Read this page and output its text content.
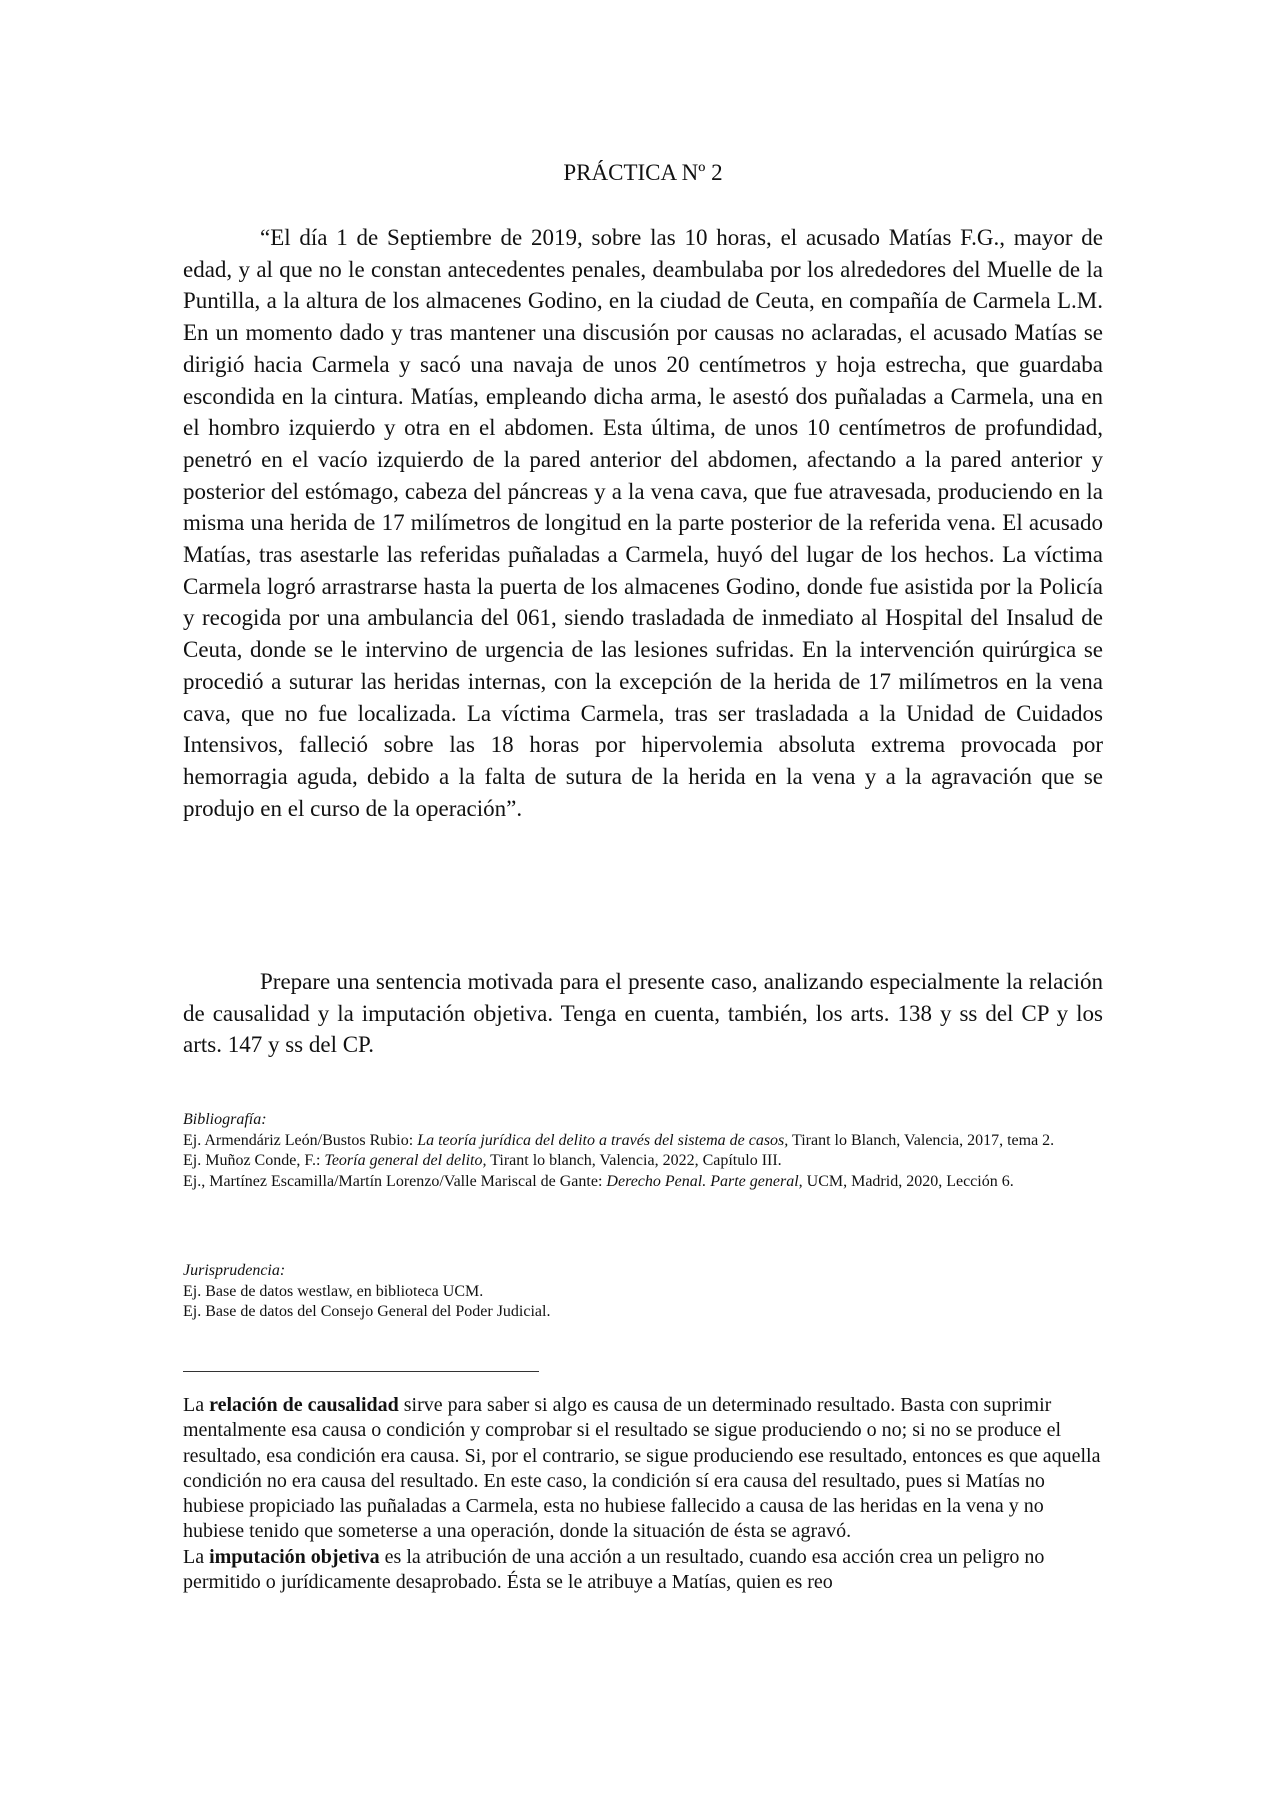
PRÁCTICA Nº 2

“El día 1 de Septiembre de 2019, sobre las 10 horas, el acusado Matías F.G., mayor de edad, y al que no le constan antecedentes penales, deambulaba por los alrededores del Muelle de la Puntilla, a la altura de los almacenes Godino, en la ciudad de Ceuta, en compañía de Carmela L.M. En un momento dado y tras mantener una discusión por causas no aclaradas, el acusado Matías se dirigió hacia Carmela y sacó una navaja de unos 20 centímetros y hoja estrecha, que guardaba escondida en la cintura. Matías, empleando dicha arma, le asestó dos puñaladas a Carmela, una en el hombro izquierdo y otra en el abdomen. Esta última, de unos 10 centímetros de profundidad, penetró en el vacío izquierdo de la pared anterior del abdomen, afectando a la pared anterior y posterior del estómago, cabeza del páncreas y a la vena cava, que fue atravesada, produciendo en la misma una herida de 17 milímetros de longitud en la parte posterior de la referida vena. El acusado Matías, tras asestarle las referidas puñaladas a Carmela, huyó del lugar de los hechos. La víctima Carmela logró arrastrarse hasta la puerta de los almacenes Godino, donde fue asistida por la Policía y recogida por una ambulancia del 061, siendo trasladada de inmediato al Hospital del Insalud de Ceuta, donde se le intervino de urgencia de las lesiones sufridas. En la intervención quirúrgica se procedió a suturar las heridas internas, con la excepción de la herida de 17 milímetros en la vena cava, que no fue localizada. La víctima Carmela, tras ser trasladada a la Unidad de Cuidados Intensivos, falleció sobre las 18 horas por hipervolemia absoluta extrema provocada por hemorragia aguda, debido a la falta de sutura de la herida en la vena y a la agravación que se produjo en el curso de la operación”.

Prepare una sentencia motivada para el presente caso, analizando especialmente la relación de causalidad y la imputación objetiva. Tenga en cuenta, también, los arts. 138 y ss del CP y los arts. 147 y ss del CP.

Bibliografía:
Ej. Armendáriz León/Bustos Rubio: La teoría jurídica del delito a través del sistema de casos, Tirant lo Blanch, Valencia, 2017, tema 2.
Ej. Muñoz Conde, F.: Teoría general del delito, Tirant lo blanch, Valencia, 2022, Capítulo III.
Ej., Martínez Escamilla/Martín Lorenzo/Valle Mariscal de Gante: Derecho Penal. Parte general, UCM, Madrid, 2020, Lección 6.
Jurisprudencia:
Ej. Base de datos westlaw, en biblioteca UCM.
Ej. Base de datos del Consejo General del Poder Judicial.

La relación de causalidad sirve para saber si algo es causa de un determinado resultado. Basta con suprimir mentalmente esa causa o condición y comprobar si el resultado se sigue produciendo o no; si no se produce el resultado, esa condición era causa. Si, por el contrario, se sigue produciendo ese resultado, entonces es que aquella condición no era causa del resultado. En este caso, la condición sí era causa del resultado, pues si Matías no hubiese propiciado las puñaladas a Carmela, esta no hubiese fallecido a causa de las heridas en la vena y no hubiese tenido que someterse a una operación, donde la situación de ésta se agravó.

La imputación objetiva es la atribución de una acción a un resultado, cuando esa acción crea un peligro no permitido o jurídicamente desaprobado. Ésta se le atribuye a Matías, quien es reo
